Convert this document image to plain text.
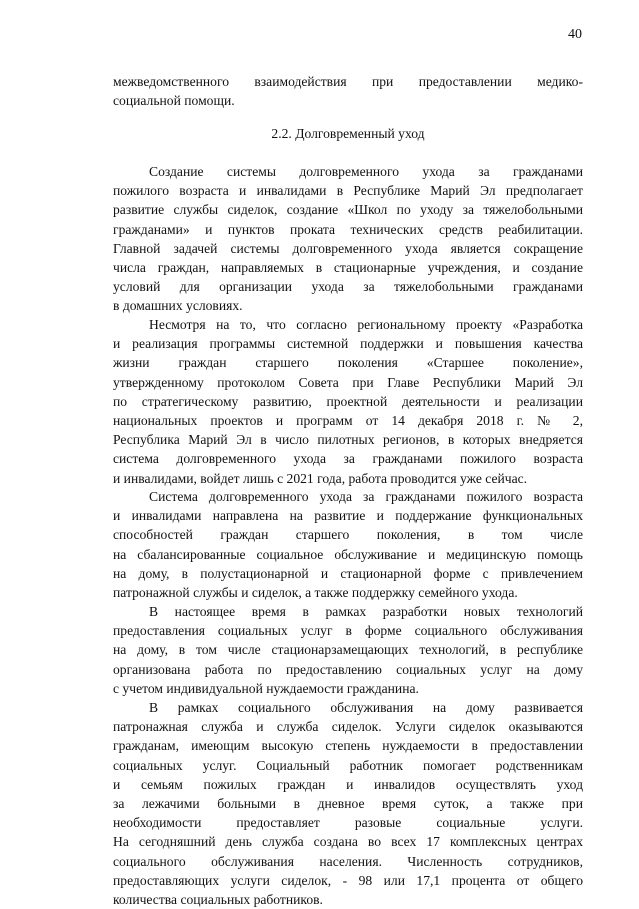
40
межведомственного взаимодействия при предоставлении медико-
социальной помощи.
2.2. Долговременный уход
Создание системы долговременного ухода за гражданами
пожилого возраста и инвалидами в Республике Марий Эл предполагает
развитие службы сиделок, создание «Школ по уходу за тяжелобольными
гражданами» и пунктов проката технических средств реабилитации.
Главной задачей системы долговременного ухода является сокращение
числа граждан, направляемых в стационарные учреждения, и создание
условий для организации ухода за тяжелобольными гражданами
в домашних условиях.
Несмотря на то, что согласно региональному проекту «Разработка
и реализация программы системной поддержки и повышения качества
жизни граждан старшего поколения «Старшее поколение»,
утвержденному протоколом Совета при Главе Республики Марий Эл
по стратегическому развитию, проектной деятельности и реализации
национальных проектов и программ от 14 декабря 2018 г. № 2,
Республика Марий Эл в число пилотных регионов, в которых внедряется
система долговременного ухода за гражданами пожилого возраста
и инвалидами, войдет лишь с 2021 года, работа проводится уже сейчас.
Система долговременного ухода за гражданами пожилого возраста
и инвалидами направлена на развитие и поддержание функциональных
способностей граждан старшего поколения, в том числе
на сбалансированные социальное обслуживание и медицинскую помощь
на дому, в полустационарной и стационарной форме с привлечением
патронажной службы и сиделок, а также поддержку семейного ухода.
В настоящее время в рамках разработки новых технологий
предоставления социальных услуг в форме социального обслуживания
на дому, в том числе стационарзамещающих технологий, в республике
организована работа по предоставлению социальных услуг на дому
с учетом индивидуальной нуждаемости гражданина.
В рамках социального обслуживания на дому развивается
патронажная служба и служба сиделок. Услуги сиделок оказываются
гражданам, имеющим высокую степень нуждаемости в предоставлении
социальных услуг. Социальный работник помогает родственникам
и семьям пожилых граждан и инвалидов осуществлять уход
за лежачими больными в дневное время суток, а также при
необходимости предоставляет разовые социальные услуги.
На сегодняшний день служба создана во всех 17 комплексных центрах
социального обслуживания населения. Численность сотрудников,
предоставляющих услуги сиделок, - 98 или 17,1 процента от общего
количества социальных работников.
